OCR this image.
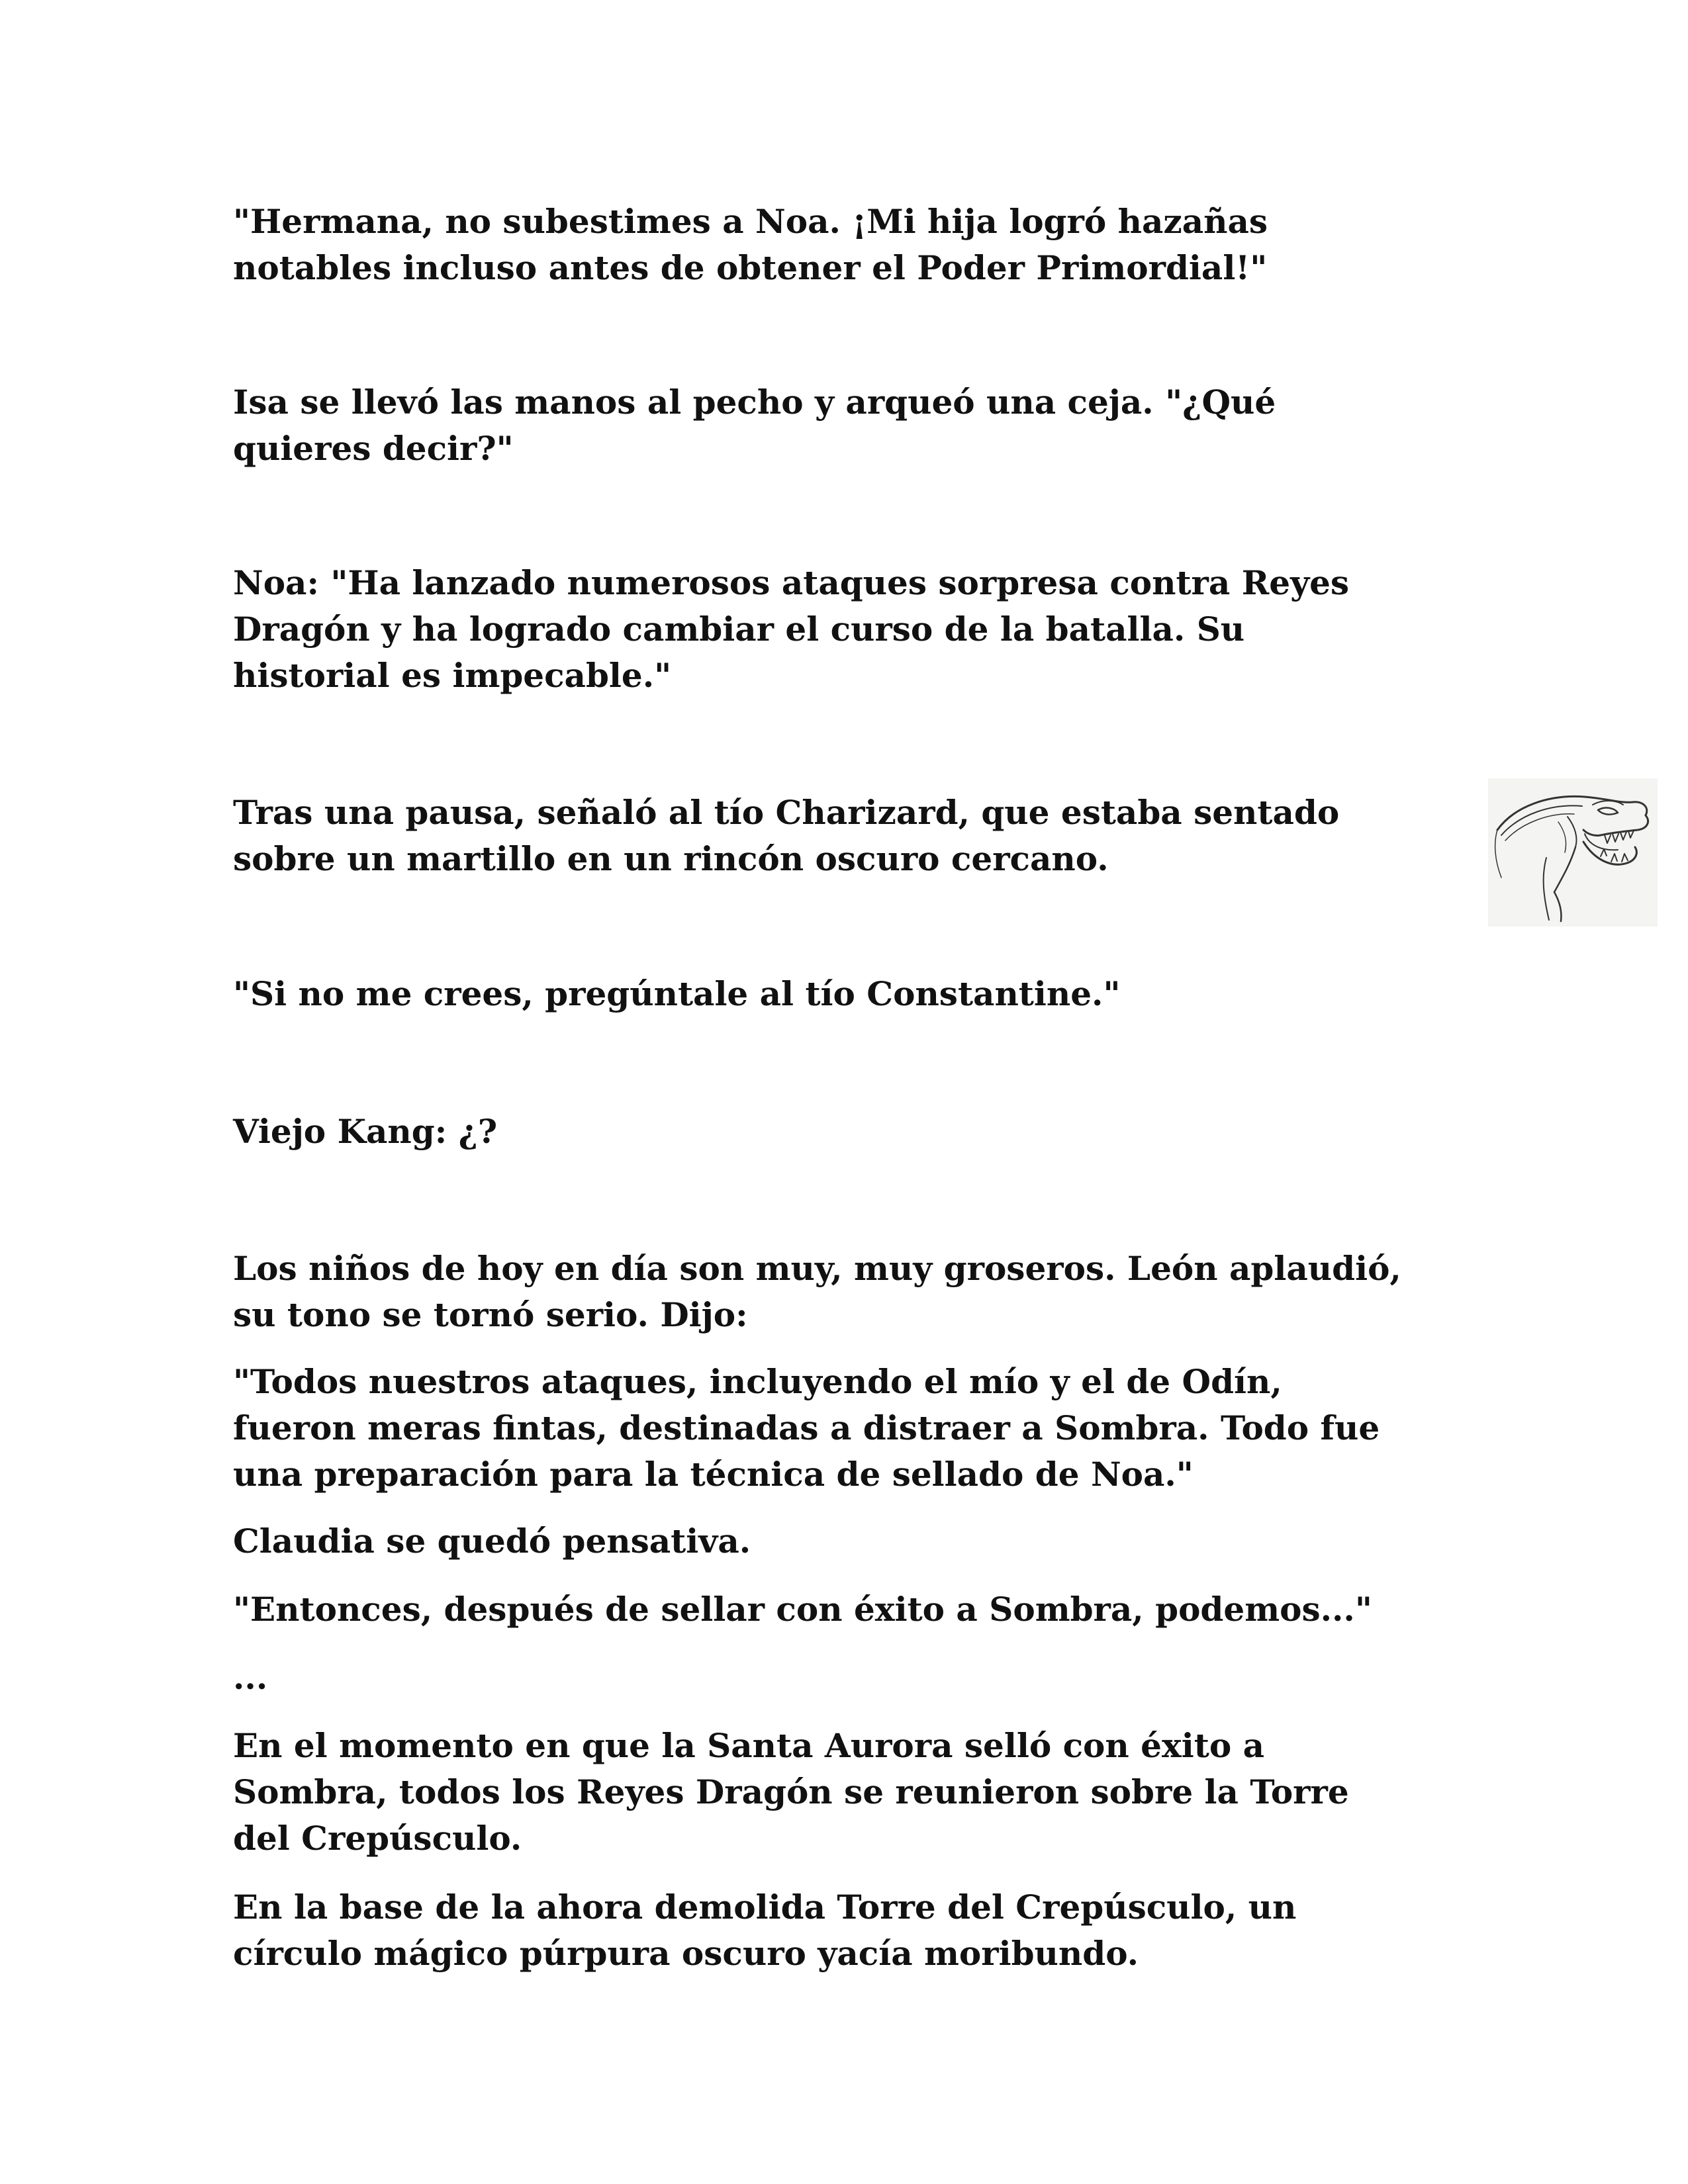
"Hermana, no subestimes a Noa. ¡Mi hija logró hazañas
notables incluso antes de obtener el Poder Primordial!"

Isa se llevó las manos al pecho y arqueó una ceja. "¿Qué
quieres decir?"

Noa: "Ha lanzado numerosos ataques sorpresa contra Reyes
Dragón y ha logrado cambiar el curso de la batalla. Su
historial es impecable."

Tras una pausa, señaló al tío Charizard, que estaba sentado
sobre un martillo en un rincón oscuro cercano.

"Si no me crees, pregúntale al tío Constantine."

Viejo Kang: ¿?

Los niños de hoy en día son muy, muy groseros. León aplaudió,
su tono se tornó serio. Dijo:

"Todos nuestros ataques, incluyendo el mío y el de Odín,
fueron meras fintas, destinadas a distraer a Sombra. Todo fue
una preparación para la técnica de sellado de Noa."

Claudia se quedó pensativa.

"Entonces, después de sellar con éxito a Sombra, podemos..."

...

En el momento en que la Santa Aurora selló con éxito a
Sombra, todos los Reyes Dragón se reunieron sobre la Torre
del Crepúsculo.

En la base de la ahora demolida Torre del Crepúsculo, un
círculo mágico púrpura oscuro yacía moribundo.
